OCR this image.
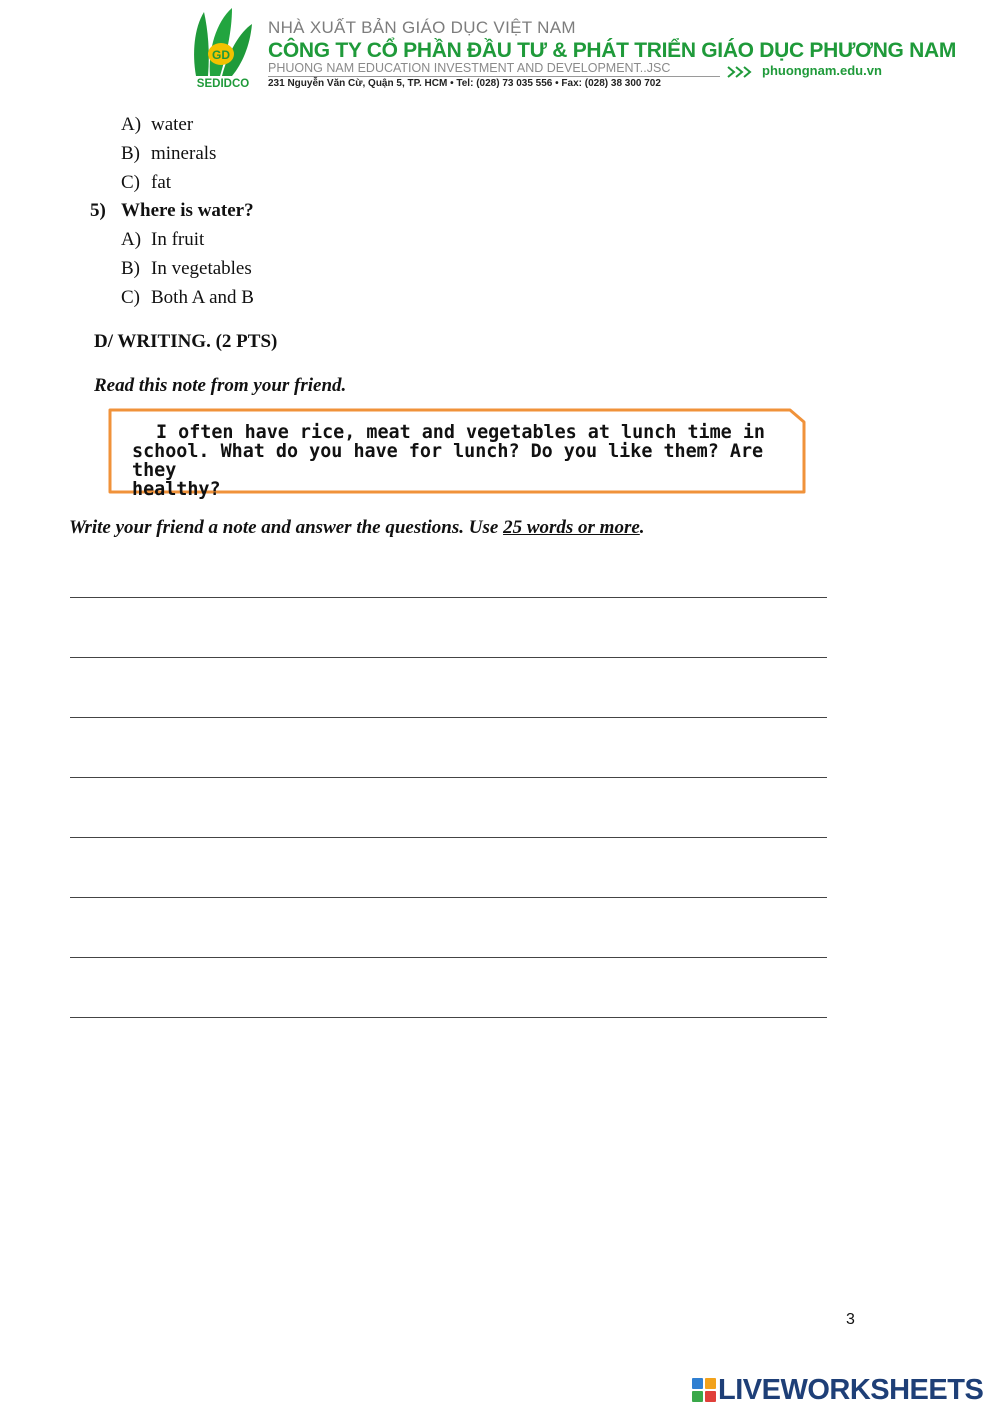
GD
SEDIDCO
NHÀ XUẤT BẢN GIÁO DỤC VIỆT NAM
CÔNG TY CỔ PHẦN ĐẦU TƯ & PHÁT TRIỂN GIÁO DỤC PHƯƠNG NAM
PHUONG NAM EDUCATION INVESTMENT AND DEVELOPMENT..JSC
231 Nguyễn Văn Cừ, Quận 5, TP. HCM • Tel: (028) 73 035 556 • Fax: (028) 38 300 702
phuongnam.edu.vn
A) water
B) minerals
C) fat
5) Where is water?
A) In fruit
B) In vegetables
C) Both A and B
D/ WRITING. (2 PTS)
Read this note from your friend.
I often have rice, meat and vegetables at lunch time in
school. What do you have for lunch? Do you like them? Are they
healthy?
Write your friend a note and answer the questions. Use 25 words or more.
3
LIVEWORKSHEETS
